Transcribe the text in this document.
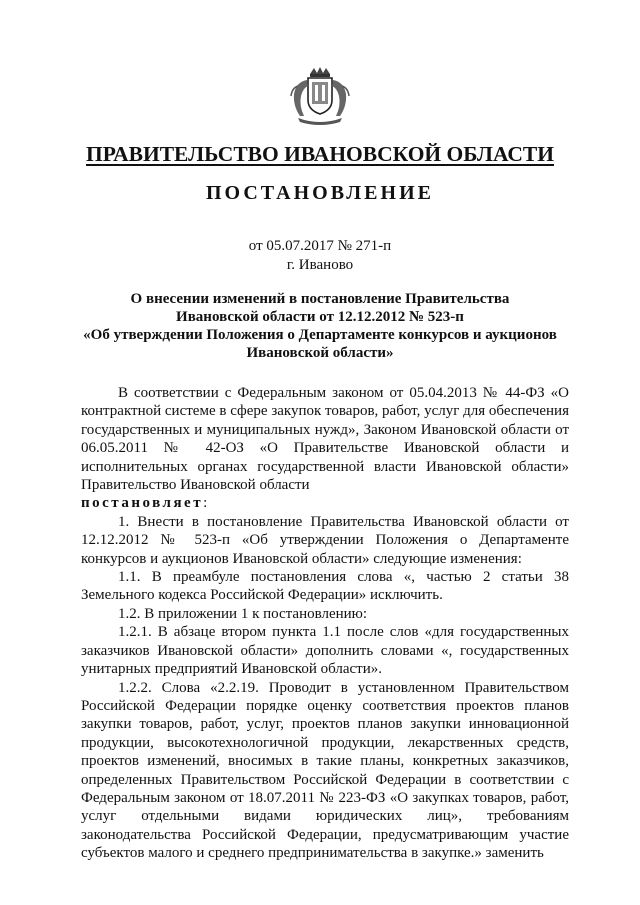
ПРАВИТЕЛЬСТВО ИВАНОВСКОЙ ОБЛАСТИ
ПОСТАНОВЛЕНИЕ
от 05.07.2017 № 271-п
г. Иваново
О внесении изменений в постановление Правительства
Ивановской области от 12.12.2012 № 523-п
«Об утверждении Положения о Департаменте конкурсов и аукционов
Ивановской области»

В соответствии с Федеральным законом от 05.04.2013 № 44-ФЗ «О контрактной системе в сфере закупок товаров, работ, услуг для обеспечения государственных и муниципальных нужд», Законом Ивановской области от 06.05.2011 № 42-ОЗ «О Правительстве Ивановской области и исполнительных органах государственной власти Ивановской области» Правительство Ивановской области

постановляет:

1. Внести в постановление Правительства Ивановской области от 12.12.2012 № 523-п «Об утверждении Положения о Департаменте конкурсов и аукционов Ивановской области» следующие изменения:

1.1. В преамбуле постановления слова «, частью 2 статьи 38 Земельного кодекса Российской Федерации» исключить.

1.2. В приложении 1 к постановлению:

1.2.1. В абзаце втором пункта 1.1 после слов «для государственных заказчиков Ивановской области» дополнить словами «, государственных унитарных предприятий Ивановской области».

1.2.2. Слова «2.2.19. Проводит в установленном Правительством Российской Федерации порядке оценку соответствия проектов планов закупки товаров, работ, услуг, проектов планов закупки инновационной продукции, высокотехнологичной продукции, лекарственных средств, проектов изменений, вносимых в такие планы, конкретных заказчиков, определенных Правительством Российской Федерации в соответствии с Федеральным законом от 18.07.2011 № 223-ФЗ «О закупках товаров, работ, услуг отдельными видами юридических лиц», требованиям законодательства Российской Федерации, предусматривающим участие субъектов малого и среднего предпринимательства в закупке.» заменить
